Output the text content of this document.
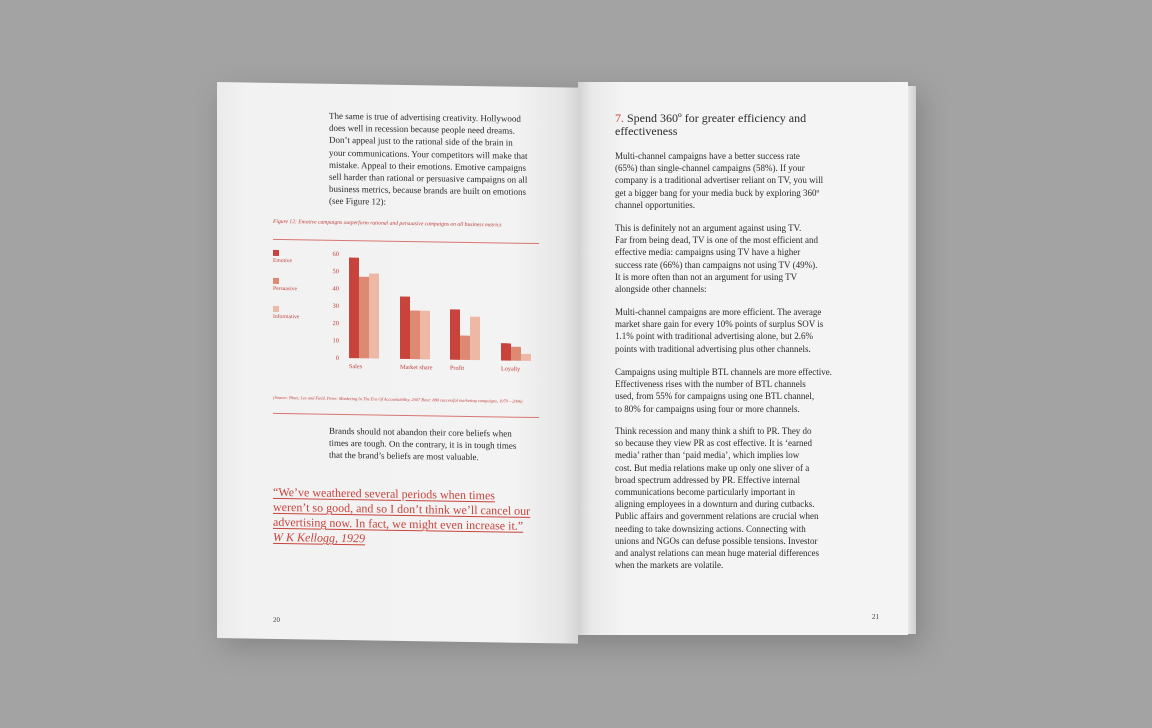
The same is true of advertising creativity. Hollywood
does well in recession because people need dreams.
Don’t appeal just to the rational side of the brain in
your communications. Your competitors will make that
mistake. Appeal to their emotions. Emotive campaigns
sell harder than rational or persuasive campaigns on all
business metrics, because brands are built on emotions
(see Figure 12):
Figure 12: Emotive campaigns outperform rational and persuasive campaigns on all business metrics
Emotive
Persuasive
Informative
0
10
20
30
40
50
60
Sales	Market share	Profit	Loyalty
(Source: Binet, Les and Field, Peter: Marketing In The Era Of Accountability, 2007 Base: 880 successful marketing campaigns, 1979 – 2006)
Brands should not abandon their core beliefs when
times are tough. On the contrary, it is in tough times
that the brand’s beliefs are most valuable.
“We’ve weathered several periods when times
weren’t so good, and so I don’t think we’ll cancel our
advertising now. In fact, we might even increase it.”
W K Kellogg, 1929
20
7. Spend 360º for greater efficiency and
effectiveness
Multi-channel campaigns have a better success rate
(65%) than single-channel campaigns (58%). If your
company is a traditional advertiser reliant on TV, you will
get a bigger bang for your media buck by exploring 360º
channel opportunities.
This is definitely not an argument against using TV.
Far from being dead, TV is one of the most efficient and
effective media: campaigns using TV have a higher
success rate (66%) than campaigns not using TV (49%).
It is more often than not an argument for using TV
alongside other channels:
Multi-channel campaigns are more efficient. The average
market share gain for every 10% points of surplus SOV is
1.1% point with traditional advertising alone, but 2.6%
points with traditional advertising plus other channels.
Campaigns using multiple BTL channels are more effective.
Effectiveness rises with the number of BTL channels
used, from 55% for campaigns using one BTL channel,
to 80% for campaigns using four or more channels.
Think recession and many think a shift to PR. They do
so because they view PR as cost effective. It is ‘earned
media’ rather than ‘paid media’, which implies low
cost. But media relations make up only one sliver of a
broad spectrum addressed by PR. Effective internal
communications become particularly important in
aligning employees in a downturn and during cutbacks.
Public affairs and government relations are crucial when
needing to take downsizing actions. Connecting with
unions and NGOs can defuse possible tensions. Investor
and analyst relations can mean huge material differences
when the markets are volatile.
21
